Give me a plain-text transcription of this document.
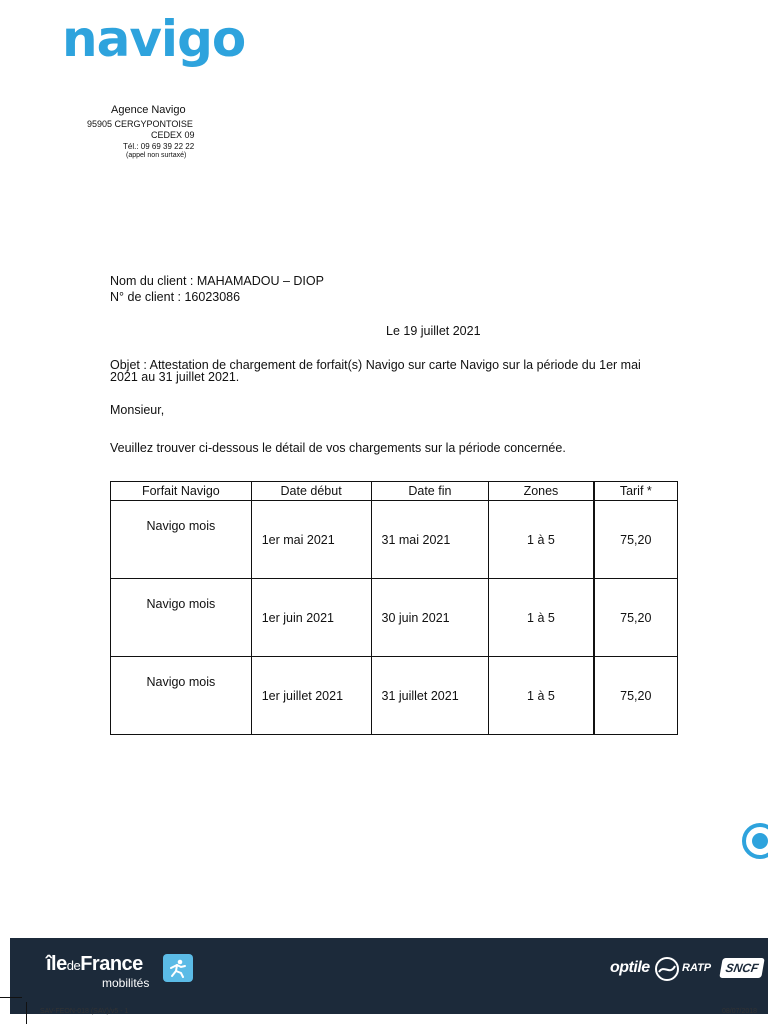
navigo
Agence Navigo
95905 CERGYPONTOISE
CEDEX 09
Tél.: 09 69 39 22 22
(appel non surtaxé)
Nom du client : MAHAMADOU – DIOP
N° de client : 16023086
Le 19 juillet 2021
Objet : Attestation de chargement de forfait(s) Navigo sur carte Navigo sur la période du 1er mai
2021 au 31 juillet 2021.
Monsieur,
Veuillez trouver ci-dessous le détail de vos chargements sur la période concernée.
Forfait Navigo	Date début	Date fin	Zones	Tarif *
Navigo mois	1er mai 2021	31 mai 2021	1 à 5	75,20
Navigo mois	1er juin 2021	30 juin 2021	1 à 5	75,20
Navigo mois	1er juillet 2021	31 juillet 2021	1 à 5	75,20
îledeFrance
mobilités
optile	RATP	SNCF
SAV-FEON-018 (SAV)/v5 - 1	08/07/2018
